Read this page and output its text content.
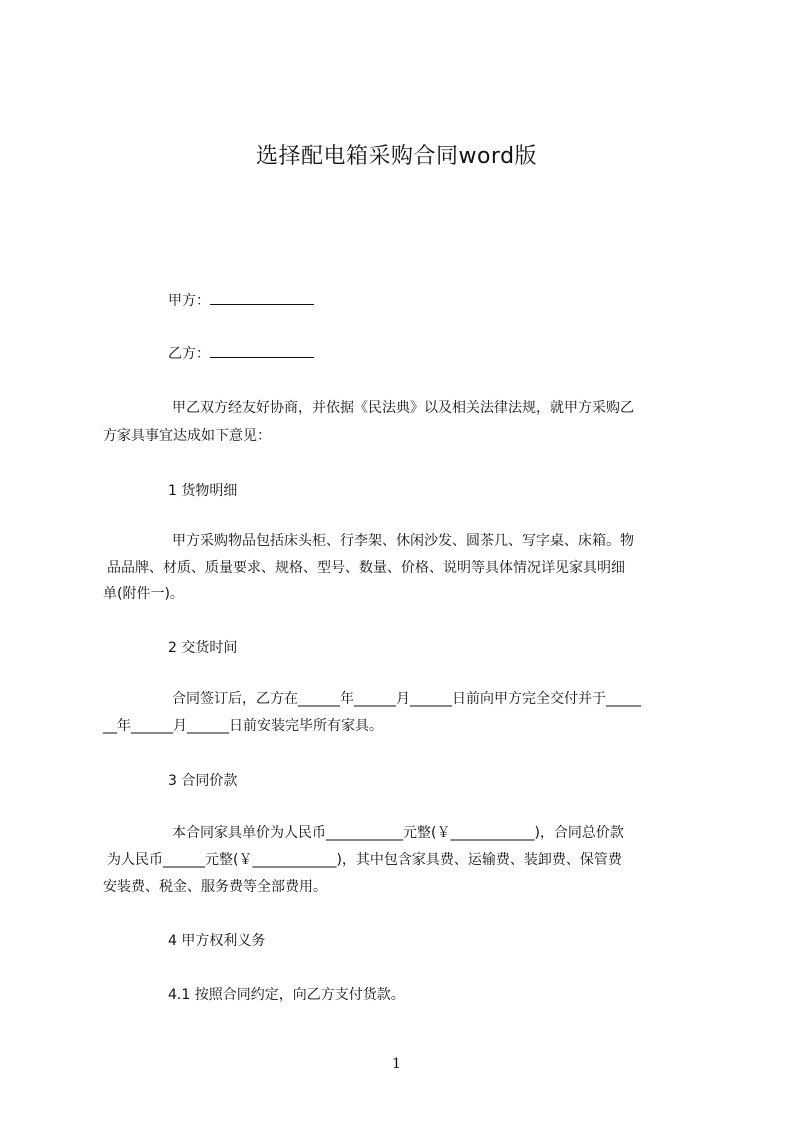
选择配电箱采购合同word版
甲方：
乙方：
甲乙双方经友好协商，并依据《民法典》以及相关法律法规，就甲方采购乙
方家具事宜达成如下意见：
1 货物明细
甲方采购物品包括床头柜、行李架、休闲沙发、圆茶几、写字桌、床箱。物
品品牌、材质、质量要求、规格、型号、数量、价格、说明等具体情况详见家具明细
单(附件一)。
2 交货时间
合同签订后，乙方在______年______月______日前向甲方完全交付并于_____
__年______月______日前安装完毕所有家具。
3 合同价款
本合同家具单价为人民币___________元整(￥____________)，合同总价款
为人民币______元整(￥____________)，其中包含家具费、运输费、装卸费、保管费
安装费、税金、服务费等全部费用。
4 甲方权利义务
4.1 按照合同约定，向乙方支付货款。
1
